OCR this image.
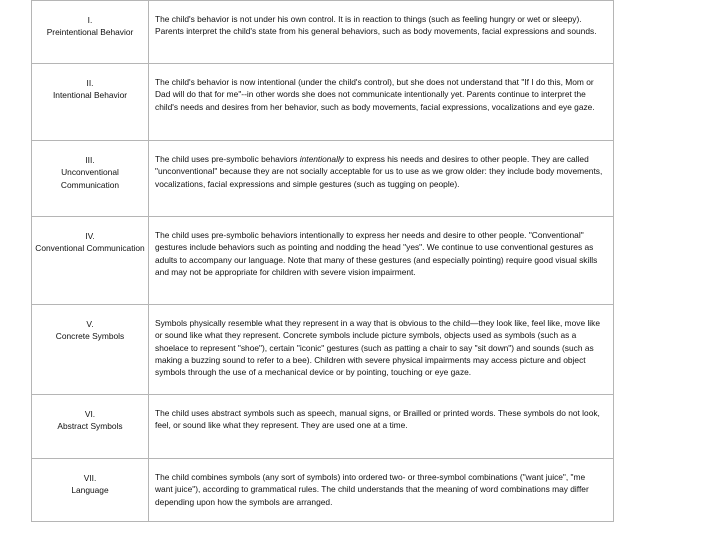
I.
Preintentional Behavior	The child's behavior is not under his own control. It is in reaction to things (such as feeling hungry or wet or sleepy). Parents interpret the child's state from his general behaviors, such as body movements, facial expressions and sounds.

II.
Intentional Behavior	The child's behavior is now intentional (under the child's control), but she does not understand that "If I do this, Mom or Dad will do that for me"--in other words she does not communicate intentionally yet. Parents continue to interpret the child's needs and desires from her behavior, such as body movements, facial expressions, vocalizations and eye gaze.

III.
Unconventional Communication	The child uses pre-symbolic behaviors intentionally to express his needs and desires to other people. They are called "unconventional" because they are not socially acceptable for us to use as we grow older: they include body movements, vocalizations, facial expressions and simple gestures (such as tugging on people).

IV.
Conventional Communication	The child uses pre-symbolic behaviors intentionally to express her needs and desire to other people. "Conventional" gestures include behaviors such as pointing and nodding the head "yes". We continue to use conventional gestures as adults to accompany our language. Note that many of these gestures (and especially pointing) require good visual skills and may not be appropriate for children with severe vision impairment.

V.
Concrete Symbols	Symbols physically resemble what they represent in a way that is obvious to the child—they look like, feel like, move like or sound like what they represent. Concrete symbols include picture symbols, objects used as symbols (such as a shoelace to represent "shoe"), certain "iconic" gestures (such as patting a chair to say "sit down") and sounds (such as making a buzzing sound to refer to a bee). Children with severe physical impairments may access picture and object symbols through the use of a mechanical device or by pointing, touching or eye gaze.

VI.
Abstract Symbols	The child uses abstract symbols such as speech, manual signs, or Brailled or printed words. These symbols do not look, feel, or sound like what they represent. They are used one at a time.

VII.
Language	The child combines symbols (any sort of symbols) into ordered two- or three-symbol combinations ("want juice", "me want juice"), according to grammatical rules. The child understands that the meaning of word combinations may differ depending upon how the symbols are arranged.
